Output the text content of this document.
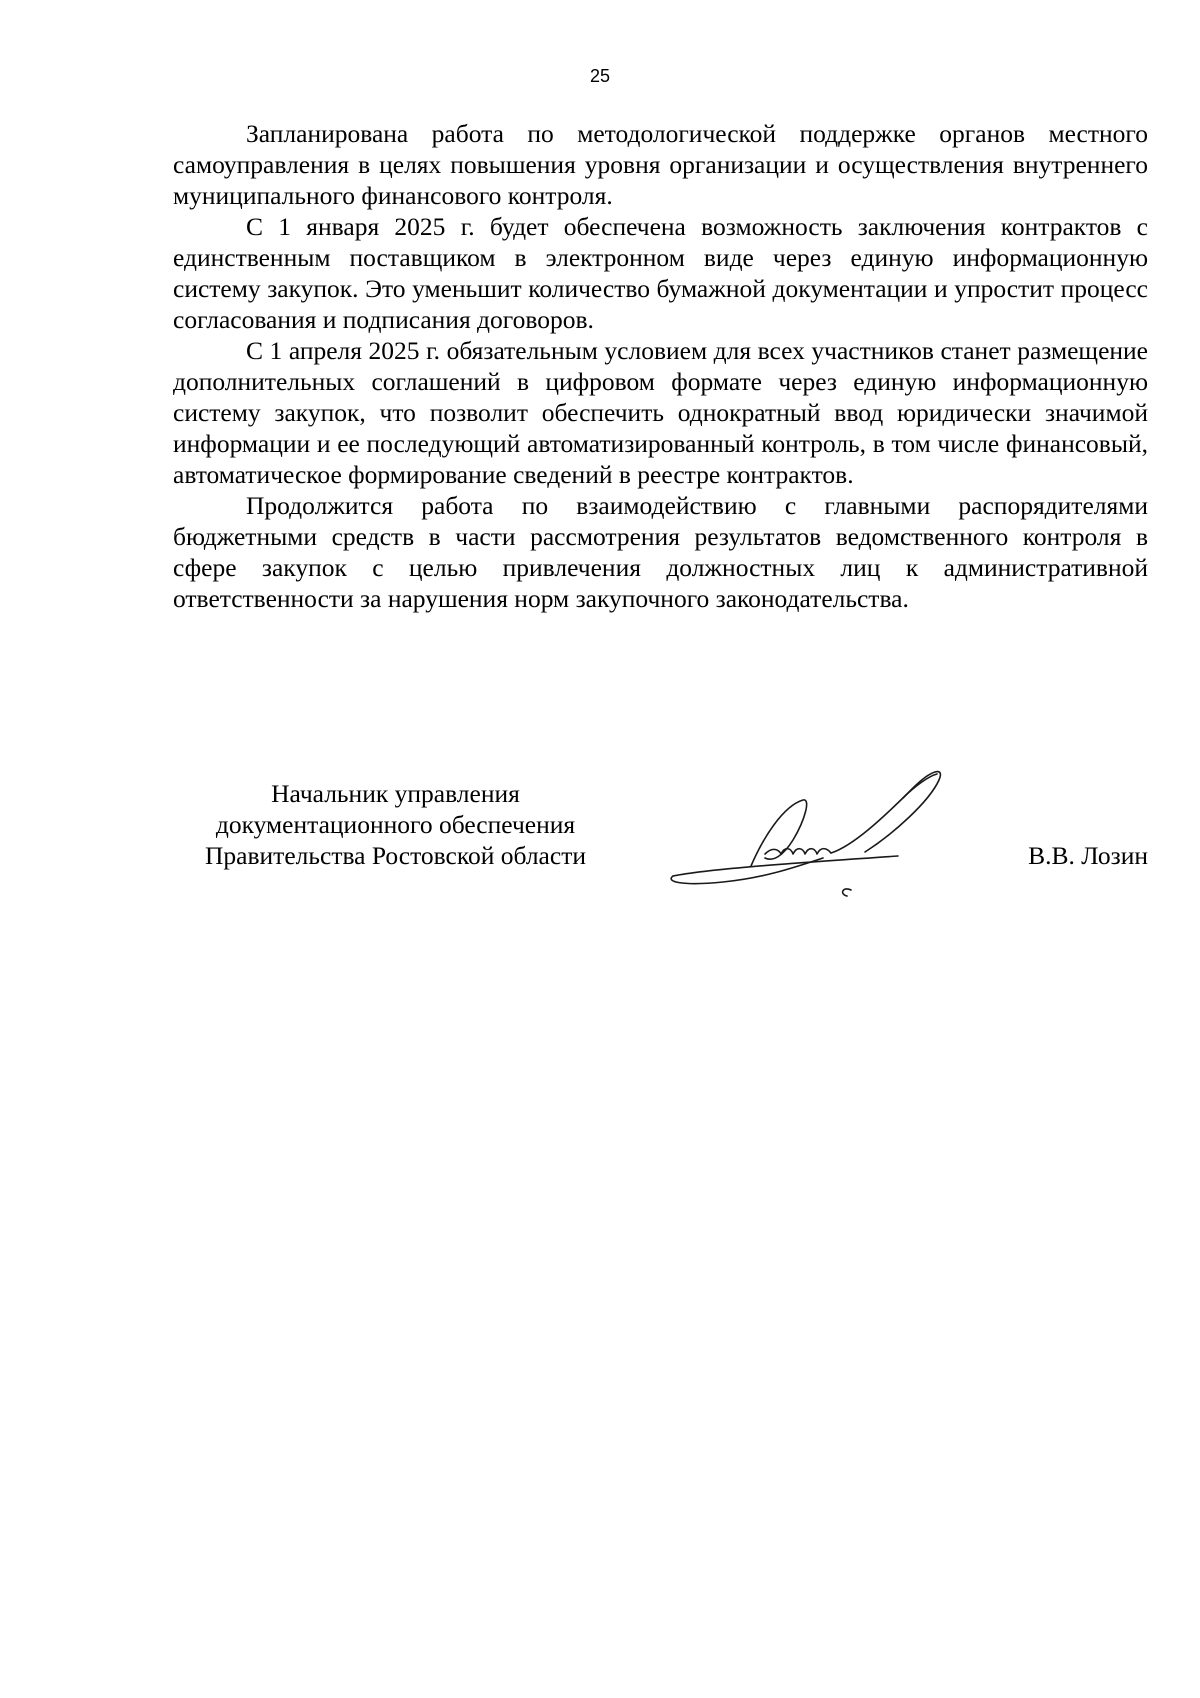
25

Запланирована работа по методологической поддержке органов местного самоуправления в целях повышения уровня организации и осуществления внутреннего муниципального финансового контроля.

С 1 января 2025 г. будет обеспечена возможность заключения контрактов с единственным поставщиком в электронном виде через единую информационную систему закупок. Это уменьшит количество бумажной документации и упростит процесс согласования и подписания договоров.

С 1 апреля 2025 г. обязательным условием для всех участников станет размещение дополнительных соглашений в цифровом формате через единую информационную систему закупок, что позволит обеспечить однократный ввод юридически значимой информации и ее последующий автоматизированный контроль, в том числе финансовый, автоматическое формирование сведений в реестре контрактов.

Продолжится работа по взаимодействию с главными распорядителями бюджетными средств в части рассмотрения результатов ведомственного контроля в сфере закупок с целью привлечения должностных лиц к административной ответственности за нарушения норм закупочного законодательства.

Начальник управления
документационного обеспечения
Правительства Ростовской области	В.В. Лозин
